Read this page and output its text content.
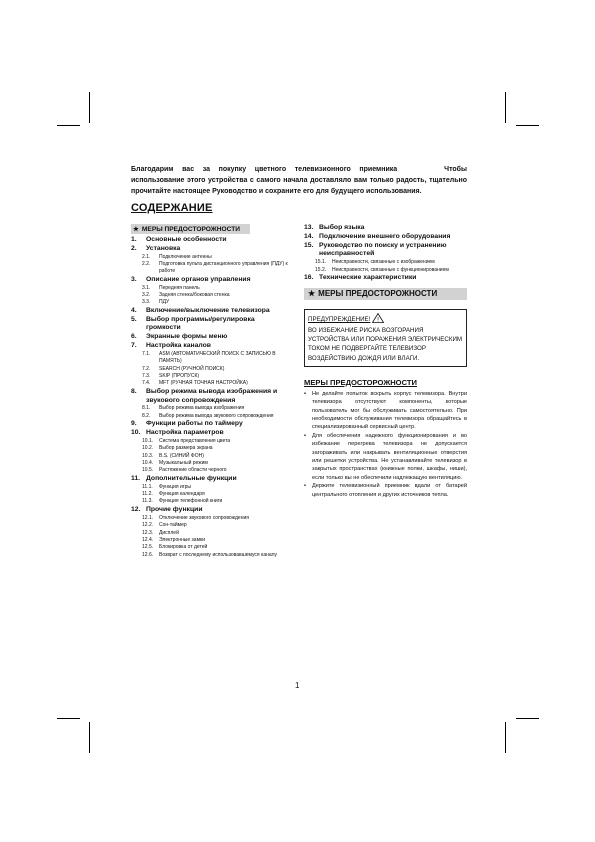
Благодарим вас за покупку цветного телевизионного приемника	Чтобы использование этого устройства с самого начала доставляло вам только радость, тщательно прочитайте настоящее Руководство и сохраните его для будущего использования.

СОДЕРЖАНИЕ
★ МЕРЫ ПРЕДОСТОРОЖНОСТИ
1.	Основные особенности
2.	Установка
2.1.	Подключение антенны
2.2.	Подготовка пульта дистанционного управления (ПДУ) к работе
3.	Описание органов управления
3.1.	Передняя панель
3.2.	Задняя стенка/боковая стенка
3.3.	ПДУ
4.	Включение/выключение телевизора
5.	Выбор программы/регулировка громкости
6.	Экранные формы меню
7.	Настройка каналов
7.1.	ASM (АВТОМАТИЧЕСКИЙ ПОИСК С ЗАПИСЬЮ В ПАМЯТЬ)
7.2.	SEARCH (РУЧНОЙ ПОИСК)
7.3.	SKIP (ПРОПУСК)
7.4.	MFT (РУЧНАЯ ТОЧНАЯ НАСТРОЙКА)
8.	Выбор режима вывода изображения и звукового сопровождения
8.1.	Выбор режима вывода изображения
8.2.	Выбор режима вывода звукового сопровождения
9.	Функции работы по таймеру
10. Настройка параметров
10.1.	Система представления цвета
10.2.	Выбор размера экрана
10.3.	B.S. (СИНИЙ ФОН)
10.4.	Музыкальный режим
10.5.	Растяжение области черного
11. Дополнительные функции
11.1.	Функция игры
11.2.	Функция календаря
11.3.	Функция телефонной книги
12. Прочие функции
12.1.	Отключение звукового сопровождения
12.2.	Сон-таймер
12.3.	Дисплей
12.4.	Электронные замки
12.5.	Блокировка от детей
12.6.	Возврат с последнему использовавшемуся каналу
13. Выбор языка
14. Подключение внешнего оборудования
15. Руководство по поиску и устранению неисправностей
15.1.	Неисправности, связанные с изображением
15.2.	Неисправности, связанные с функционированием
16. Технические характеристики
★ МЕРЫ ПРЕДОСТОРОЖНОСТИ
ПРЕДУПРЕЖДЕНИЕ! !
ВО ИЗБЕЖАНИЕ РИСКА ВОЗГОРАНИЯ УСТРОЙСТВА ИЛИ ПОРАЖЕНИЯ ЭЛЕКТРИЧЕСКИМ ТОКОМ НЕ ПОДВЕРГАЙТЕ ТЕЛЕВИЗОР ВОЗДЕЙСТВИЮ ДОЖДЯ ИЛИ ВЛАГИ.
МЕРЫ ПРЕДОСТОРОЖНОСТИ
•	Не делайте попыток вскрыть корпус телевизора. Внутри телевизора отсутствуют компоненты, которые пользователь мог бы обслуживать самостоятельно. При необходимости обслуживания телевизора обращайтесь в специализированный сервисный центр.
•	Для обеспечения надежного функционирования и во избежание перегрева телевизора не допускается загораживать или накрывать вентиляционные отверстия или решетки устройства. Не устанавливайте телевизор в закрытых пространствах (книжные полки, шкафы, ниши), если только вы не обеспечили надлежащую вентиляцию.
•	Держите телевизионный приемник вдали от батарей центрального отопления и других источников тепла.

1
